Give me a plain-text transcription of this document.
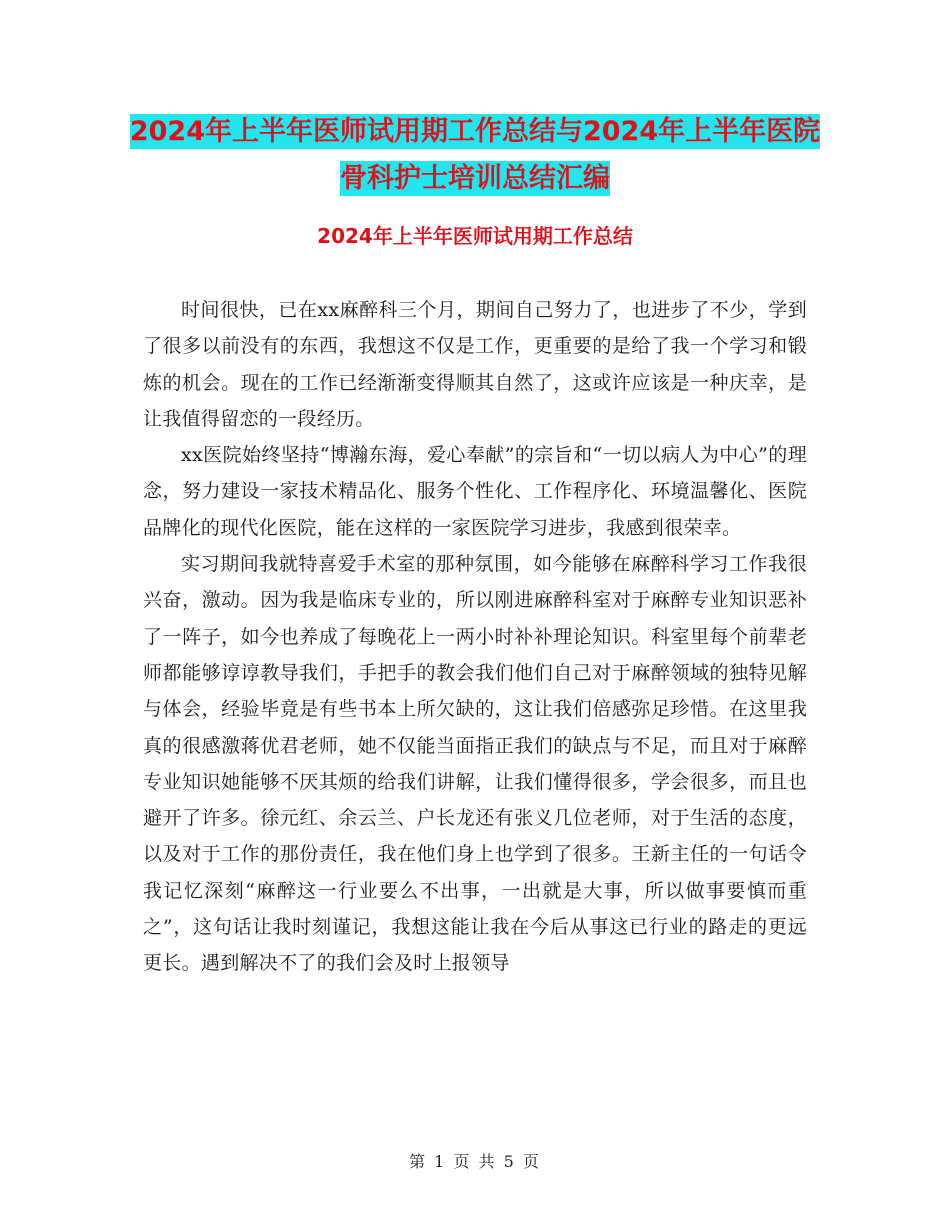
2024年上半年医师试用期工作总结与2024年上半年医院骨科护士培训总结汇编
2024年上半年医师试用期工作总结

时间很快，已在xx麻醉科三个月，期间自己努力了，也进步了不少，学到了很多以前没有的东西，我想这不仅是工作，更重要的是给了我一个学习和锻炼的机会。现在的工作已经渐渐变得顺其自然了，这或许应该是一种庆幸，是让我值得留恋的一段经历。

xx医院始终坚持“博瀚东海，爱心奉献”的宗旨和“一切以病人为中心”的理念，努力建设一家技术精品化、服务个性化、工作程序化、环境温馨化、医院品牌化的现代化医院，能在这样的一家医院学习进步，我感到很荣幸。

实习期间我就特喜爱手术室的那种氛围，如今能够在麻醉科学习工作我很兴奋，激动。因为我是临床专业的，所以刚进麻醉科室对于麻醉专业知识恶补了一阵子，如今也养成了每晚花上一两小时补补理论知识。科室里每个前辈老师都能够谆谆教导我们，手把手的教会我们他们自己对于麻醉领域的独特见解与体会，经验毕竟是有些书本上所欠缺的，这让我们倍感弥足珍惜。在这里我真的很感激蒋优君老师，她不仅能当面指正我们的缺点与不足，而且对于麻醉专业知识她能够不厌其烦的给我们讲解，让我们懂得很多，学会很多，而且也避开了许多。徐元红、余云兰、户长龙还有张义几位老师，对于生活的态度，以及对于工作的那份责任，我在他们身上也学到了很多。王新主任的一句话令我记忆深刻“麻醉这一行业要么不出事，一出就是大事，所以做事要慎而重之”，这句话让我时刻谨记，我想这能让我在今后从事这已行业的路走的更远更长。遇到解决不了的我们会及时上报领导

第 1 页 共 5 页
